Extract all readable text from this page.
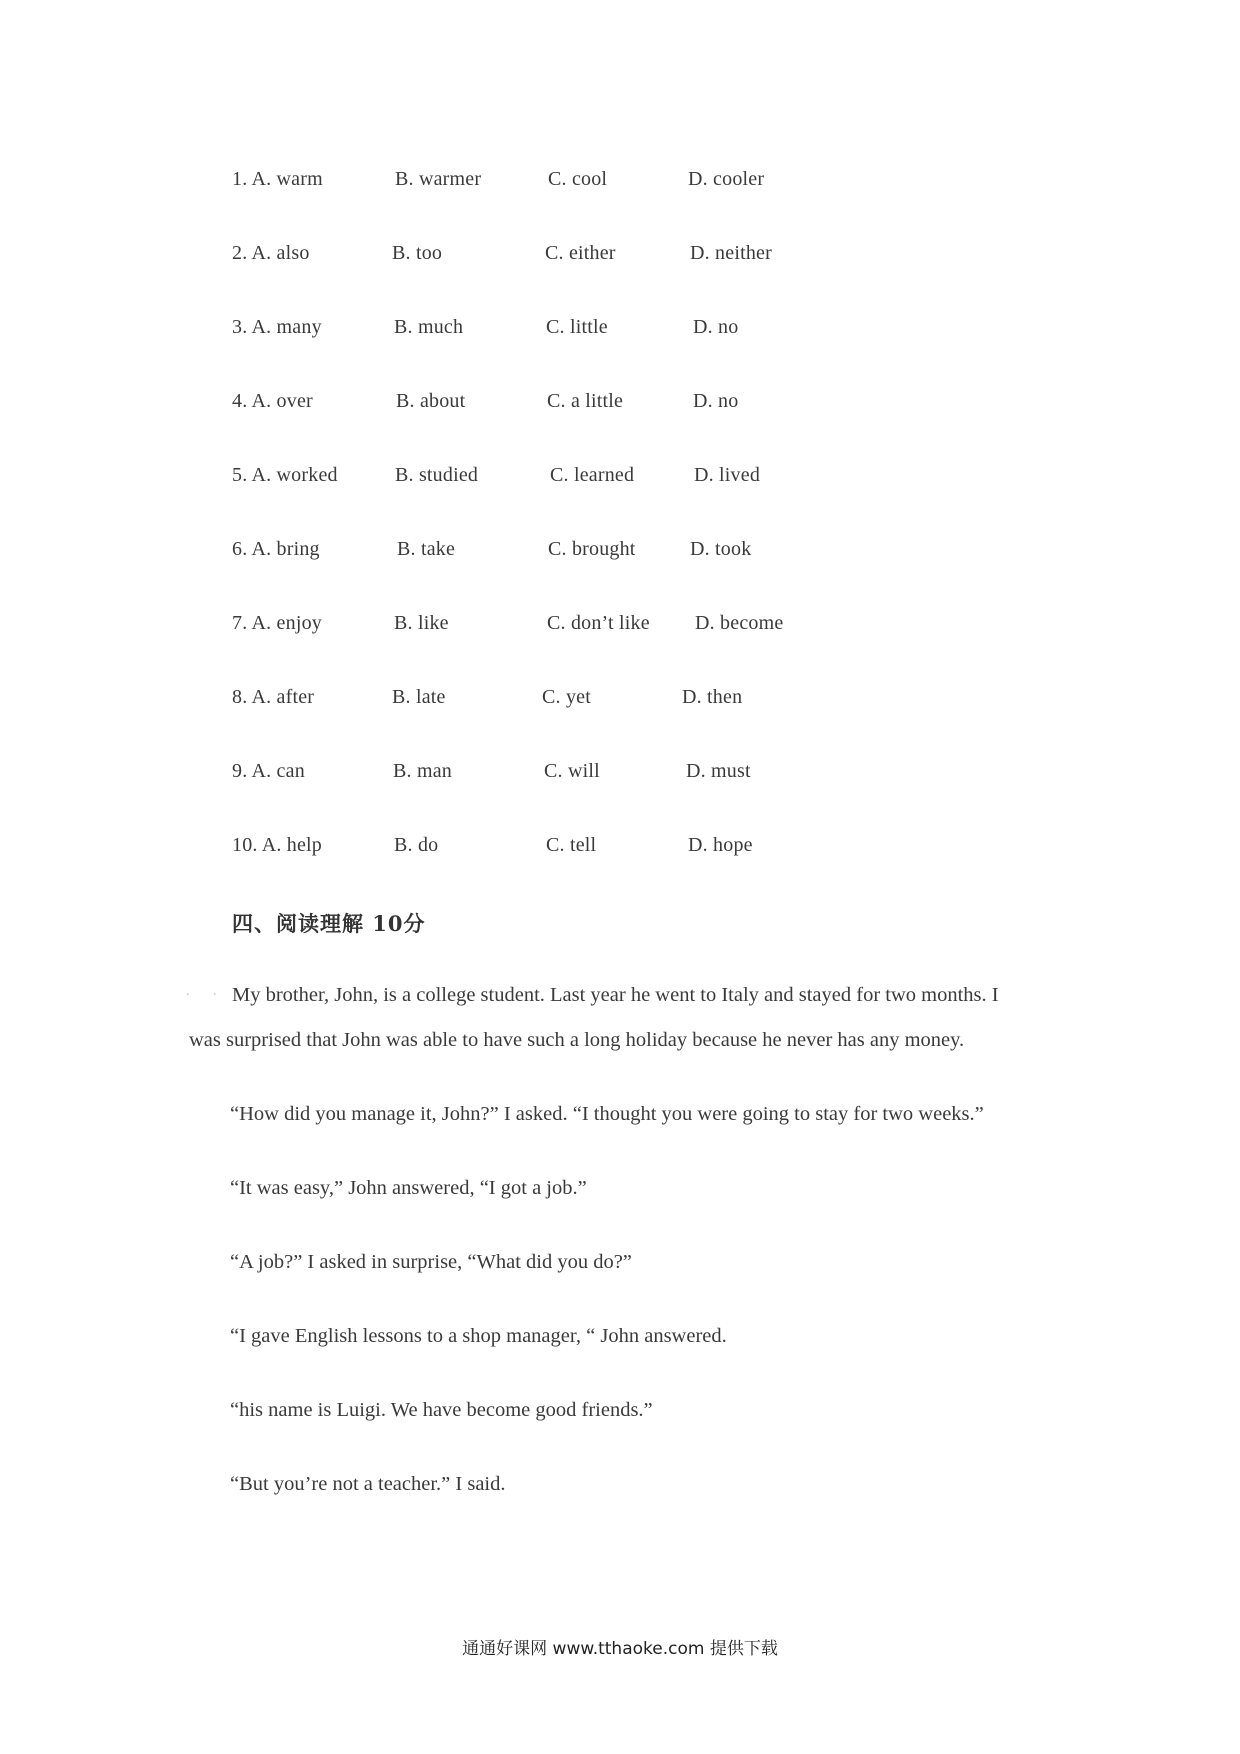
1. A. warm	B. warmer	C. cool	D. cooler
2. A. also	B. too	C. either	D. neither
3. A. many	B. much	C. little	D. no
4. A. over	B. about	C. a little	D. no
5. A. worked	B. studied	C. learned	D. lived
6. A. bring	B. take	C. brought	D. took
7. A. enjoy	B. like	C. don’t like D. become
8. A. after	B. late	C. yet	D. then
9. A. can	B. man	C. will	D. must
10. A. help	B. do	C. tell	D. hope
四、阅读理解 10分
. . My brother, John, is a college student. Last year he went to Italy and stayed for two months. I
was surprised that John was able to have such a long holiday because he never has any money.
“How did you manage it, John?” I asked. “I thought you were going to stay for two weeks.”
“It was easy,” John answered, “I got a job.”
“A job?” I asked in surprise, “What did you do?”
“I gave English lessons to a shop manager, “ John answered.
“his name is Luigi. We have become good friends.”
“But you’re not a teacher.” I said.
通通好课网 www.tthaoke.com 提供下载
